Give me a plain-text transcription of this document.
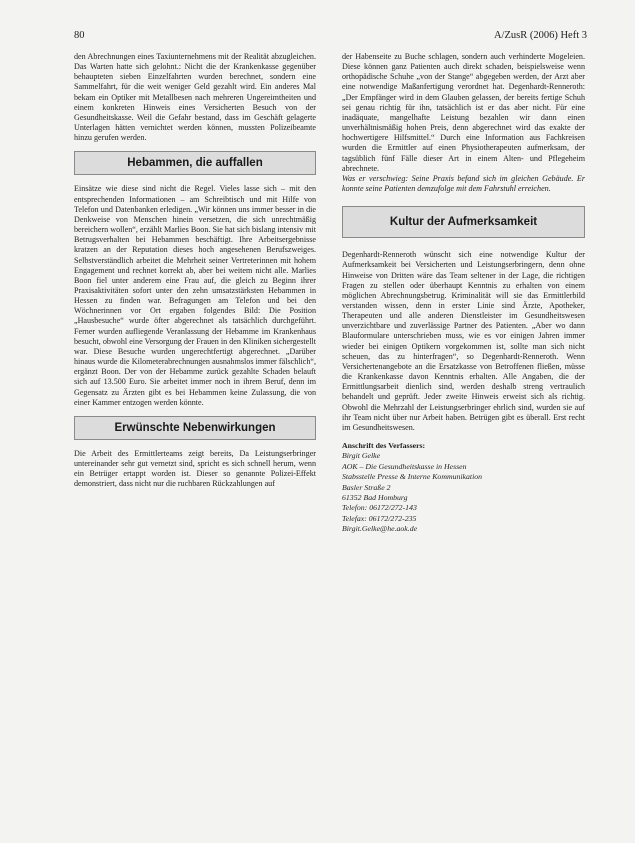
80	A/ZusR (2006) Heft 3

den Abrechnungen eines Taxiunternehmens mit der Realität abzugleichen. Das Warten hatte sich gelohnt.: Nicht die der Krankenkasse gegenüber behaupteten sieben Einzelfahrten wurden berechnet, sondern eine Sammelfahrt, für die weit weniger Geld gezahlt wird. Ein anderes Mal bekam ein Optiker mit Metallbesen nach mehreren Ungereimtheiten und einem konkreten Hinweis eines Versicherten Besuch von der Gesundheitskasse. Weil die Gefahr bestand, dass im Geschäft gelagerte Unterlagen hätten vernichtet werden können, mussten Polizeibeamte hinzu gerufen werden.

Hebammen, die auffallen

Einsätze wie diese sind nicht die Regel. Vieles lasse sich – mit den entsprechenden Informationen – am Schreibtisch und mit Hilfe von Telefon und Datenbanken erledigen. „Wir können uns immer besser in die Denkweise von Menschen hinein versetzen, die sich unrechtmäßig bereichern wollen“, erzählt Marlies Boon. Sie hat sich bislang intensiv mit Betrugsverhalten bei Hebammen beschäftigt. Ihre Arbeitsergebnisse kratzen an der Reputation dieses hoch angesehenen Berufszweiges. Selbstverständlich arbeitet die Mehrheit seiner Vertreterinnen mit hohem Engagement und rechnet korrekt ab, aber bei weitem nicht alle. Marlies Boon fiel unter anderem eine Frau auf, die gleich zu Beginn ihrer Praxisaktivitäten sofort unter den zehn umsatzstärksten Hebammen in Hessen zu finden war. Befragungen am Telefon und bei den Wöchnerinnen vor Ort ergaben folgendes Bild: Die Position „Hausbesuche“ wurde öfter abgerechnet als tatsächlich durchgeführt. Ferner wurden aufliegende Veranlassung der Hebamme im Krankenhaus besucht, obwohl eine Versorgung der Frauen in den Kliniken sichergestellt war. Diese Besuche wurden ungerechtfertigt abgerechnet. „Darüber hinaus wurde die Kilometerabrechnungen ausnahmslos immer fälschlich“, ergänzt Boon. Der von der Hebamme zurück gezahlte Schaden belauft sich auf 13.500 Euro. Sie arbeitet immer noch in ihrem Beruf, denn im Gegensatz zu Ärzten gibt es bei Hebammen keine Zulassung, die von einer Kammer entzogen werden könnte.

Erwünschte Nebenwirkungen

Die Arbeit des Ermittlerteams zeigt bereits, Da Leistungserbringer untereinander sehr gut vernetzt sind, spricht es sich schnell herum, wenn ein Betrüger ertappt worden ist. Dieser so genannte Polizei-Effekt demonstriert, dass nicht nur die ruchbaren Rückzahlungen auf

der Habenseite zu Buche schlagen, sondern auch verhinderte Mogeleien. Diese können ganz Patienten auch direkt schaden, beispielsweise wenn orthopädische Schuhe „von der Stange“ abgegeben werden, der Arzt aber eine notwendige Maßanfertigung verordnet hat. Degenhardt-Renneroth: „Der Empfänger wird in dem Glauben gelassen, der bereits fertige Schuh sei genau richtig für ihn, tatsächlich ist er das aber nicht. Für eine inadäquate, mangelhafte Leistung bezahlen wir dann einen unverhältnismäßig hohen Preis, denn abgerechnet wird das exakte der hochwertigere Hilfsmittel.“ Durch eine Information aus Fachkreisen wurden die Ermittler auf einen Physiotherapeuten aufmerksam, der tagsüblich fünf Fälle dieser Art in einem Alten- und Pflegeheim abrechnete.

Was er verschwieg: Seine Praxis befand sich im gleichen Gebäude. Er konnte seine Patienten demzufolge mit dem Fahrstuhl erreichen.

Kultur der Aufmerksamkeit

Degenhardt-Renneroth wünscht sich eine notwendige Kultur der Aufmerksamkeit bei Versicherten und Leistungserbringern, denn ohne Hinweise von Dritten wäre das Team seltener in der Lage, die richtigen Fragen zu stellen oder überhaupt Kenntnis zu erhalten von einem möglichen Abrechnungsbetrug. Kriminalität will sie das Ermittlerbild verstanden wissen, denn in erster Linie sind Ärzte, Apotheker, Therapeuten und alle anderen Dienstleister im Gesundheitswesen unverzichtbare und zuverlässige Partner des Patienten. „Aber wo dann Blauformulare unterschrieben muss, wie es vor einigen Jahren immer wieder bei einigen Optikern vorgekommen ist, sollte man sich nicht scheuen, das zu hinterfragen“, so Degenhardt-Renneroth. Wenn Versichertenangebote an die Ersatzkasse von Betroffenen fließen, müsse die Krankenkasse davon Kenntnis erhalten. Alle Angaben, die der Ermittlungsarbeit dienlich sind, werden deshalb streng vertraulich behandelt und geprüft. Jeder zweite Hinweis erweist sich als richtig. Obwohl die Mehrzahl der Leistungserbringer ehrlich sind, wurden sie auf ihr Team nicht über nur Arbeit haben. Betrügen gibt es überall. Erst recht im Gesundheitswesen.

Anschrift des Verfassers:
Birgit Gelke
AOK – Die Gesundheitskasse in Hessen
Stabsstelle Presse & Interne Kommunikation
Basler Straße 2
61352 Bad Homburg
Telefon: 06172/272-143
Telefax: 06172/272-235
Birgit.Gelke@he.aok.de
